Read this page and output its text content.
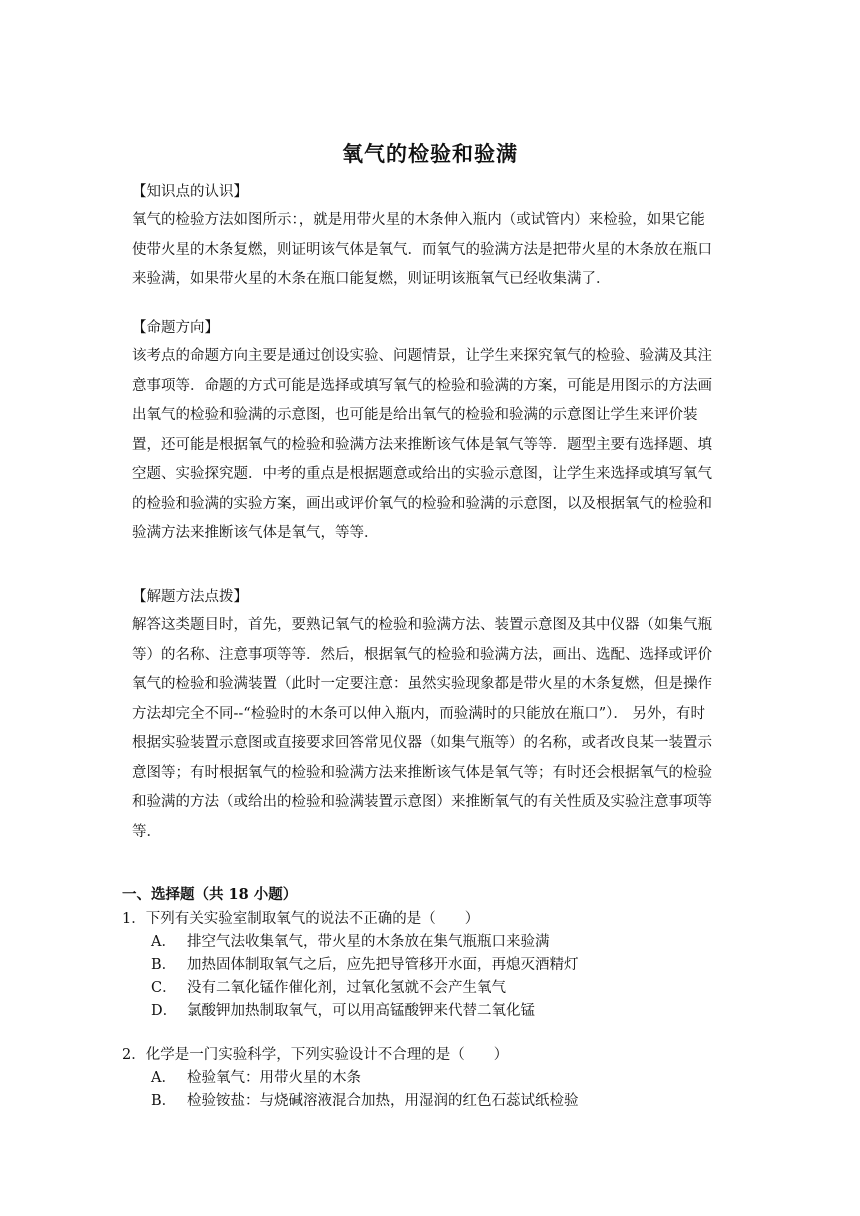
氧气的检验和验满
【知识点的认识】
氧气的检验方法如图所示：，就是用带火星的木条伸入瓶内（或试管内）来检验，如果它能
使带火星的木条复燃，则证明该气体是氧气．而氧气的验满方法是把带火星的木条放在瓶口
来验满，如果带火星的木条在瓶口能复燃，则证明该瓶氧气已经收集满了．
【命题方向】
该考点的命题方向主要是通过创设实验、问题情景，让学生来探究氧气的检验、验满及其注
意事项等．命题的方式可能是选择或填写氧气的检验和验满的方案，可能是用图示的方法画
出氧气的检验和验满的示意图，也可能是给出氧气的检验和验满的示意图让学生来评价装
置，还可能是根据氧气的检验和验满方法来推断该气体是氧气等等．题型主要有选择题、填
空题、实验探究题．中考的重点是根据题意或给出的实验示意图，让学生来选择或填写氧气
的检验和验满的实验方案，画出或评价氧气的检验和验满的示意图，以及根据氧气的检验和
验满方法来推断该气体是氧气，等等．
【解题方法点拨】
解答这类题目时，首先，要熟记氧气的检验和验满方法、装置示意图及其中仪器（如集气瓶
等）的名称、注意事项等等．然后，根据氧气的检验和验满方法，画出、选配、选择或评价
氧气的检验和验满装置（此时一定要注意：虽然实验现象都是带火星的木条复燃，但是操作
方法却完全不同--“检验时的木条可以伸入瓶内，而验满时的只能放在瓶口”）． 另外，有时
根据实验装置示意图或直接要求回答常见仪器（如集气瓶等）的名称，或者改良某一装置示
意图等；有时根据氧气的检验和验满方法来推断该气体是氧气等；有时还会根据氧气的检验
和验满的方法（或给出的检验和验满装置示意图）来推断氧气的有关性质及实验注意事项等
等．
一、选择题（共 18 小题）
1．下列有关实验室制取氧气的说法不正确的是（　　）
A． 排空气法收集氧气，带火星的木条放在集气瓶瓶口来验满
B． 加热固体制取氧气之后，应先把导管移开水面，再熄灭酒精灯
C． 没有二氧化锰作催化剂，过氧化氢就不会产生氧气
D． 氯酸钾加热制取氧气，可以用高锰酸钾来代替二氧化锰
2．化学是一门实验科学，下列实验设计不合理的是（　　）
A． 检验氧气：用带火星的木条
B． 检验铵盐：与烧碱溶液混合加热，用湿润的红色石蕊试纸检验
